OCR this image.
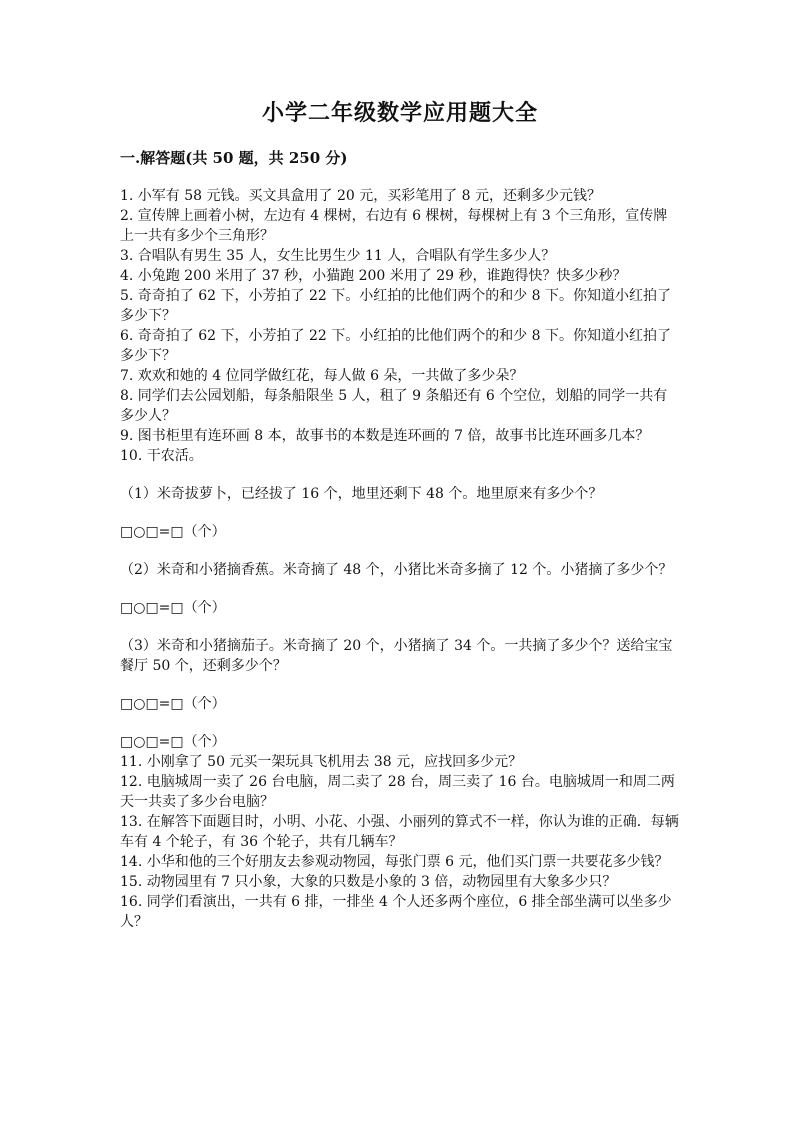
小学二年级数学应用题大全
一.解答题(共 50 题，共 250 分)

1. 小军有 58 元钱。买文具盒用了 20 元，买彩笔用了 8 元，还剩多少元钱？

2. 宣传牌上画着小树，左边有 4 棵树，右边有 6 棵树，每棵树上有 3 个三角形，宣传牌上一共有多少个三角形？

3. 合唱队有男生 35 人，女生比男生少 11 人，合唱队有学生多少人？

4. 小兔跑 200 米用了 37 秒，小猫跑 200 米用了 29 秒，谁跑得快？快多少秒？

5. 奇奇拍了 62 下，小芳拍了 22 下。小红拍的比他们两个的和少 8 下。你知道小红拍了多少下？

6. 奇奇拍了 62 下，小芳拍了 22 下。小红拍的比他们两个的和少 8 下。你知道小红拍了多少下？

7. 欢欢和她的 4 位同学做红花，每人做 6 朵，一共做了多少朵？

8. 同学们去公园划船，每条船限坐 5 人，租了 9 条船还有 6 个空位，划船的同学一共有多少人？

9. 图书柜里有连环画 8 本，故事书的本数是连环画的 7 倍，故事书比连环画多几本？

10. 干农活。

（1）米奇拔萝卜，已经拔了 16 个，地里还剩下 48 个。地里原来有多少个？

□○□=□（个）

（2）米奇和小猪摘香蕉。米奇摘了 48 个，小猪比米奇多摘了 12 个。小猪摘了多少个？

□○□=□（个）

（3）米奇和小猪摘茄子。米奇摘了 20 个，小猪摘了 34 个。一共摘了多少个？送给宝宝餐厅 50 个，还剩多少个？

□○□=□（个）

□○□=□（个）

11. 小刚拿了 50 元买一架玩具飞机用去 38 元，应找回多少元？

12. 电脑城周一卖了 26 台电脑，周二卖了 28 台，周三卖了 16 台。电脑城周一和周二两天一共卖了多少台电脑？

13. 在解答下面题目时，小明、小花、小强、小丽列的算式不一样，你认为谁的正确．每辆车有 4 个轮子，有 36 个轮子，共有几辆车？

14. 小华和他的三个好朋友去参观动物园，每张门票 6 元，他们买门票一共要花多少钱？

15. 动物园里有 7 只小象，大象的只数是小象的 3 倍，动物园里有大象多少只？

16. 同学们看演出，一共有 6 排，一排坐 4 个人还多两个座位，6 排全部坐满可以坐多少人？
